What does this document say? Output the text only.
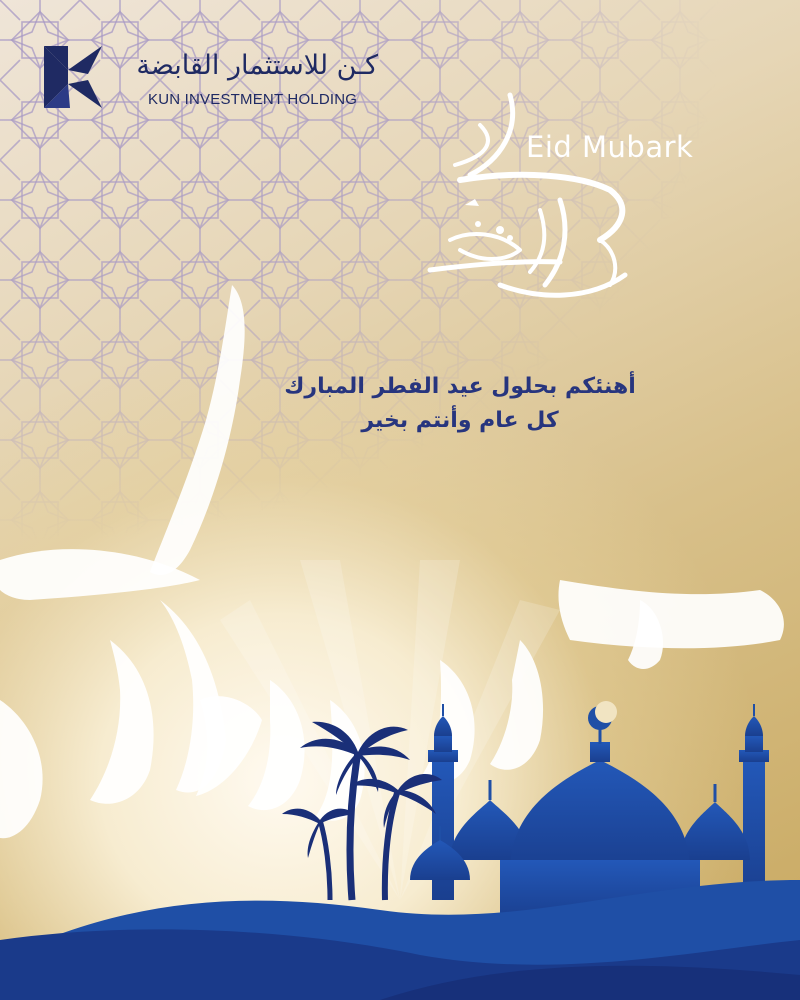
كـن للاستثمار القابضة
KUN INVESTMENT HOLDING
Eid Mubark
أهنئكم بحلول عيد الفطر المبارك
كل عام وأنتم بخير
